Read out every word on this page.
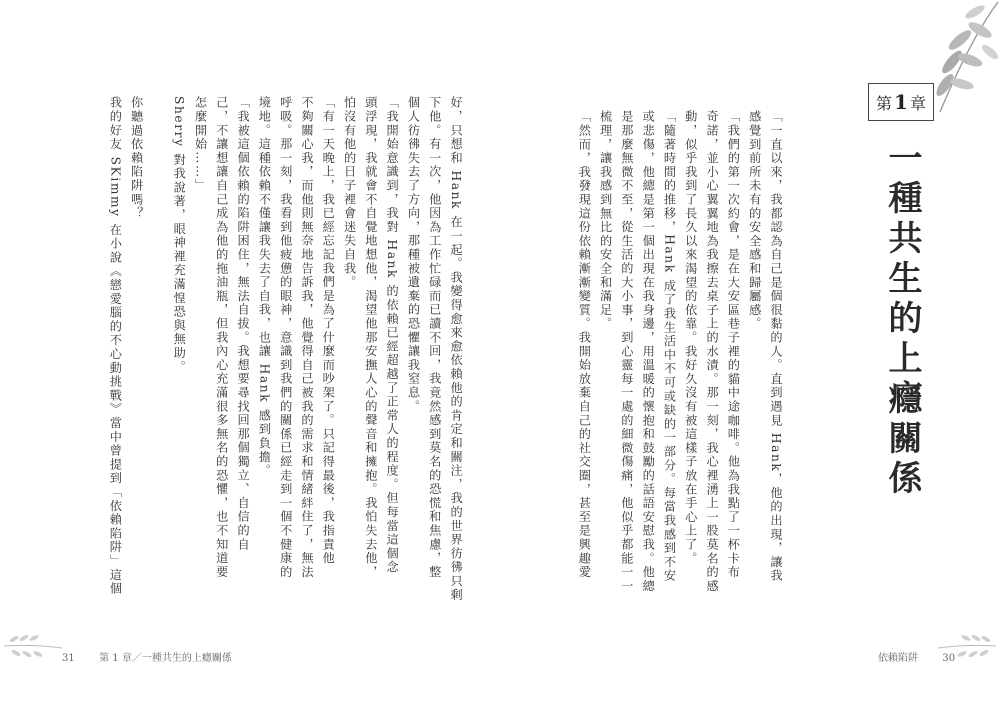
好，只想和 Hank 在一起。我變得愈來愈依賴他的肯定和關注，我的世界彷彿只剩
下他。有一次，他因為工作忙碌而已讀不回，我竟然感到莫名的恐慌和焦慮，整
個人彷彿失去了方向，那種被遺棄的恐懼讓我窒息。
「我開始意識到，我對 Hank 的依賴已經超越了正常人的程度。但每當這個念
頭浮現，我就會不自覺地想他，渴望他那安撫人心的聲音和擁抱。我怕失去他，
怕沒有他的日子裡會迷失自我。
「有一天晚上，我已經忘記我們是為了什麼而吵架了。只記得最後，我指責他
不夠關心我，而他則無奈地告訴我，他覺得自己被我的需求和情緒絆住了，無法
呼吸。那一刻，我看到他疲憊的眼神，意識到我們的關係已經走到一個不健康的
境地。這種依賴不僅讓我失去了自我，也讓 Hank 感到負擔。
「我被這個依賴的陷阱困住，無法自拔。我想要尋找回那個獨立、自信的自
己，不讓想讓自己成為他的拖油瓶，但我內心充滿很多無名的恐懼，也不知道要
怎麼開始……」
Sherry 對我說著，眼神裡充滿惶恐與無助。

你聽過依賴陷阱嗎？
我的好友 SKimmy 在小說《戀愛腦的不心動挑戰》當中曾提到「依賴陷阱」這個
31 第 1 章／一種共生的上癮關係
「一直以來，我都認為自己是個很黏的人。直到遇見 Hank，他的出現，讓我
感覺到前所未有的安全感和歸屬感。
「我們的第一次約會，是在大安區巷子裡的貓中途咖啡。他為我點了一杯卡布
奇諾，並小心翼翼地為我擦去桌子上的水漬。那一刻，我心裡湧上一股莫名的感
動，似乎我到了長久以來渴望的依靠。我好久沒有被這樣子放在手心上了。
「隨著時間的推移，Hank 成了我生活中不可或缺的一部分。每當我感到不安
或悲傷，他總是第一個出現在我身邊，用溫暖的懷抱和鼓勵的話語安慰我。他總
是那麼無微不至，從生活的大小事，到心靈每一處的細微傷痛，他似乎都能一一
梳理，讓我感到無比的安全和滿足。
「然而，我發現這份依賴漸漸變質。我開始放棄自己的社交圈，甚至是興趣愛
依賴陷阱 30
第 1 章
一種共生的上癮關係
